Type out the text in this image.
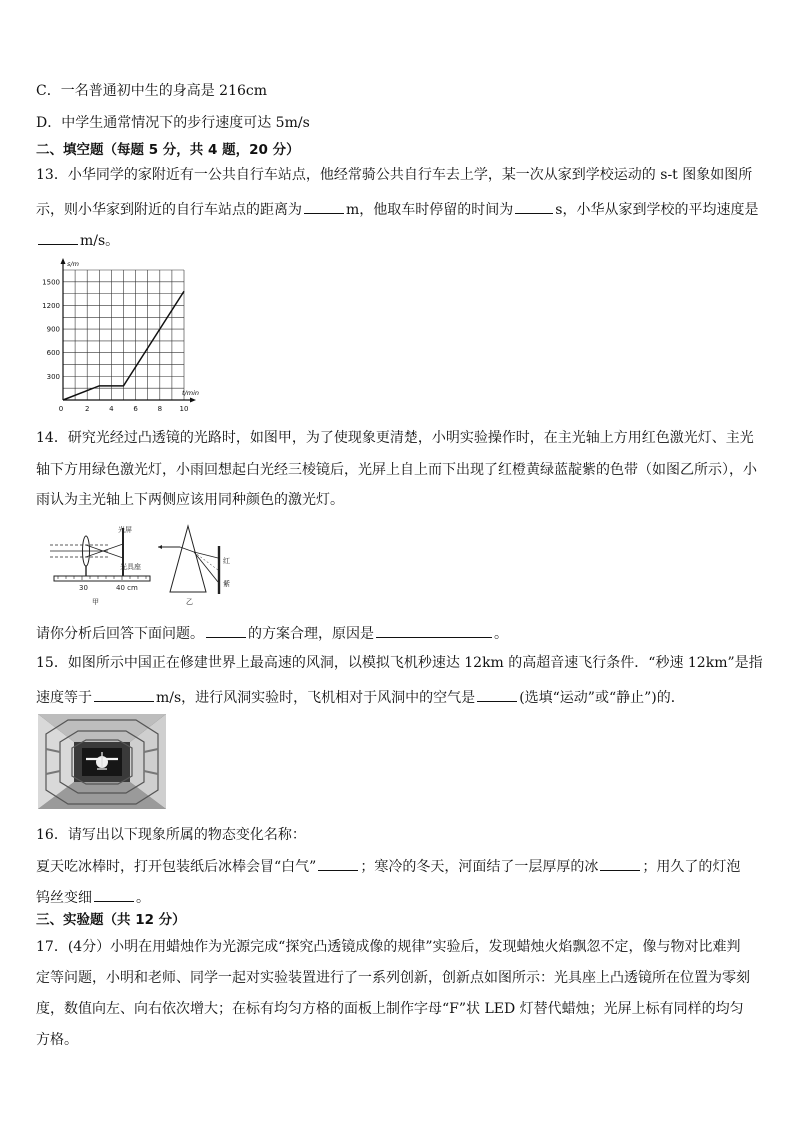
C．一名普通初中生的身高是 216cm
D．中学生通常情况下的步行速度可达 5m/s
二、填空题（每题 5 分，共 4 题，20 分）
13．小华同学的家附近有一公共自行车站点，他经常骑公共自行车去上学，某一次从家到学校运动的 s-t 图象如图所
示，则小华家到附近的自行车站点的距离为	m，他取车时停留的时间为	s，小华从家到学校的平均速度是
m/s。
s/m
t/min
300
600
900
1200
1500
0	2	4	6	8	10
14．研究光经过凸透镜的光路时，如图甲，为了使现象更清楚，小明实验操作时，在主光轴上方用红色激光灯、主光
轴下方用绿色激光灯，小雨回想起白光经三棱镜后，光屏上自上而下出现了红橙黄绿蓝靛紫的色带（如图乙所示），小
雨认为主光轴上下两侧应该用同种颜色的激光灯。
光屏
光具座
30	40 cm
甲
红
紫
乙
请你分析后回答下面问题。	的方案合理，原因是	。
15．如图所示中国正在修建世界上最高速的风洞，以模拟飞机秒速达 12km 的高超音速飞行条件．“秒速 12km”是指
速度等于	m/s，进行风洞实验时，飞机相对于风洞中的空气是	(选填“运动”或“静止”)的．
16．请写出以下现象所属的物态变化名称：
夏天吃冰棒时，打开包装纸后冰棒会冒“白气”	；寒冷的冬天，河面结了一层厚厚的冰	；用久了的灯泡
钨丝变细	。
三、实验题（共 12 分）
17．(4分）小明在用蜡烛作为光源完成“探究凸透镜成像的规律”实验后，发现蜡烛火焰飘忽不定，像与物对比难判
定等问题，小明和老师、同学一起对实验装置进行了一系列创新，创新点如图所示：光具座上凸透镜所在位置为零刻
度，数值向左、向右依次增大；在标有均匀方格的面板上制作字母“F”状 LED 灯替代蜡烛；光屏上标有同样的均匀
方格。
